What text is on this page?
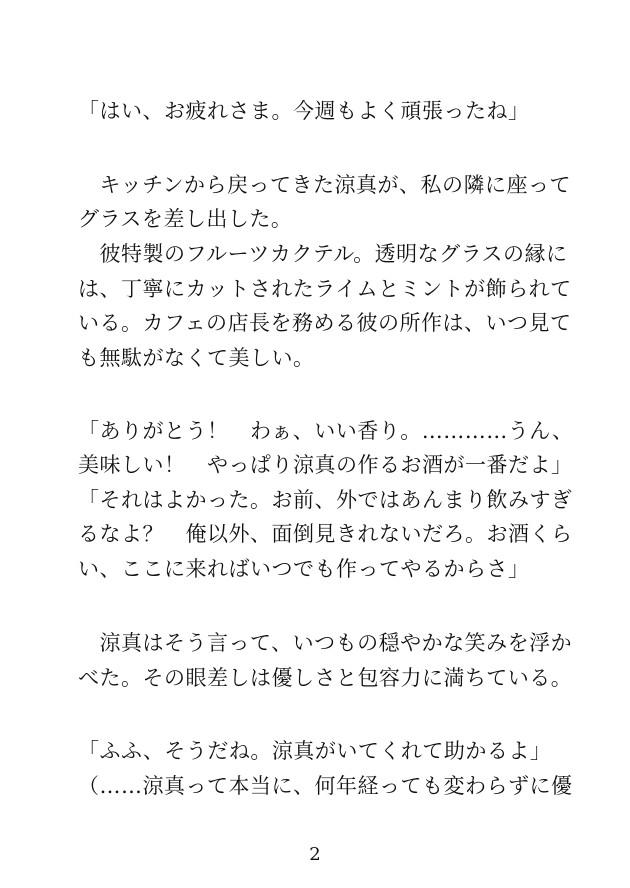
「はい、お疲れさま。今週もよく頑張ったね」
　キッチンから戻ってきた涼真が、私の隣に座って
グラスを差し出した。
　彼特製のフルーツカクテル。透明なグラスの縁に
は、丁寧にカットされたライムとミントが飾られて
いる。カフェの店長を務める彼の所作は、いつ見て
も無駄がなくて美しい。
「ありがとう！　わぁ、いい香り。…………うん、
美味しい！　やっぱり涼真の作るお酒が一番だよ」
「それはよかった。お前、外ではあんまり飲みすぎ
るなよ？　俺以外、面倒見きれないだろ。お酒くら
い、ここに来ればいつでも作ってやるからさ」
　涼真はそう言って、いつもの穏やかな笑みを浮か
べた。その眼差しは優しさと包容力に満ちている。
「ふふ、そうだね。涼真がいてくれて助かるよ」
（……涼真って本当に、何年経っても変わらずに優
2
